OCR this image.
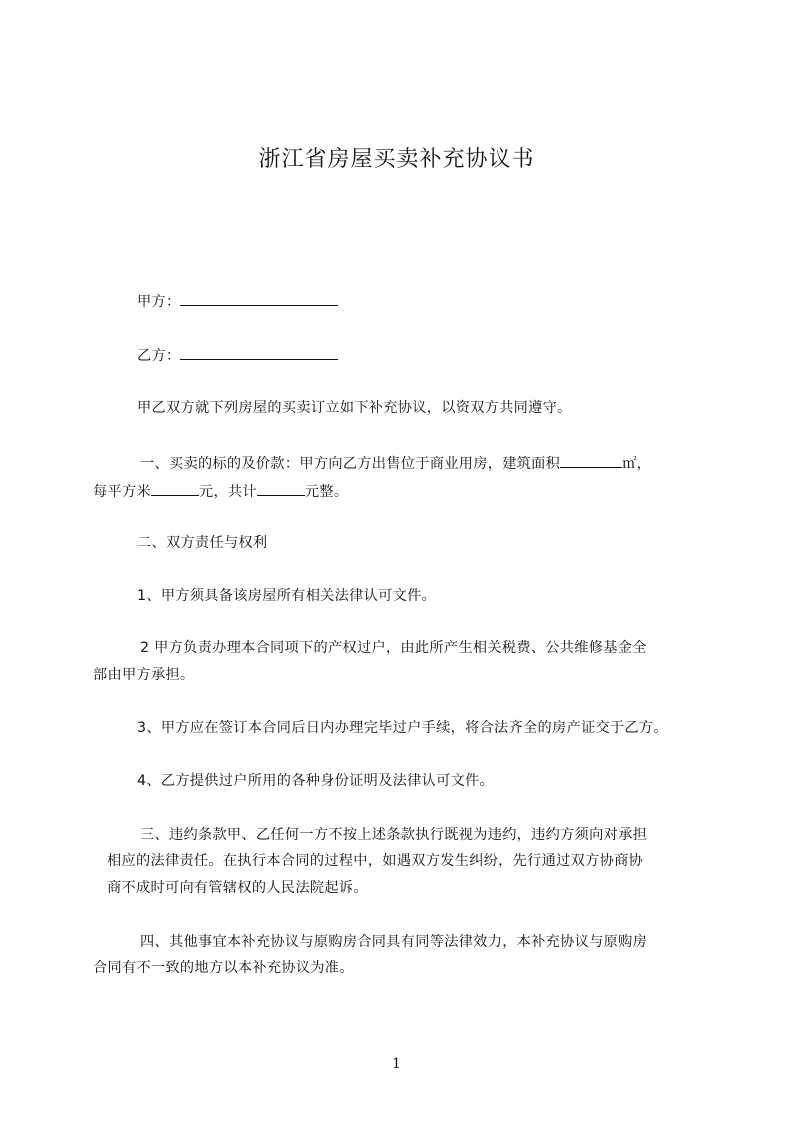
浙江省房屋买卖补充协议书
甲方：
乙方：
甲乙双方就下列房屋的买卖订立如下补充协议，以资双方共同遵守。
一、买卖的标的及价款：甲方向乙方出售位于商业用房，建筑面积	㎡，
每平方米	元，共计	元整。
二、双方责任与权利
1、甲方须具备该房屋所有相关法律认可文件。
2 甲方负责办理本合同项下的产权过户，由此所产生相关税费、公共维修基金全
部由甲方承担。
3、甲方应在签订本合同后日内办理完毕过户手续，将合法齐全的房产证交于乙方。
4、乙方提供过户所用的各种身份证明及法律认可文件。
三、违约条款甲、乙任何一方不按上述条款执行既视为违约，违约方须向对承担
相应的法律责任。在执行本合同的过程中，如遇双方发生纠纷，先行通过双方协商协
商不成时可向有管辖权的人民法院起诉。
四、其他事宜本补充协议与原购房合同具有同等法律效力，本补充协议与原购房
合同有不一致的地方以本补充协议为准。
1
